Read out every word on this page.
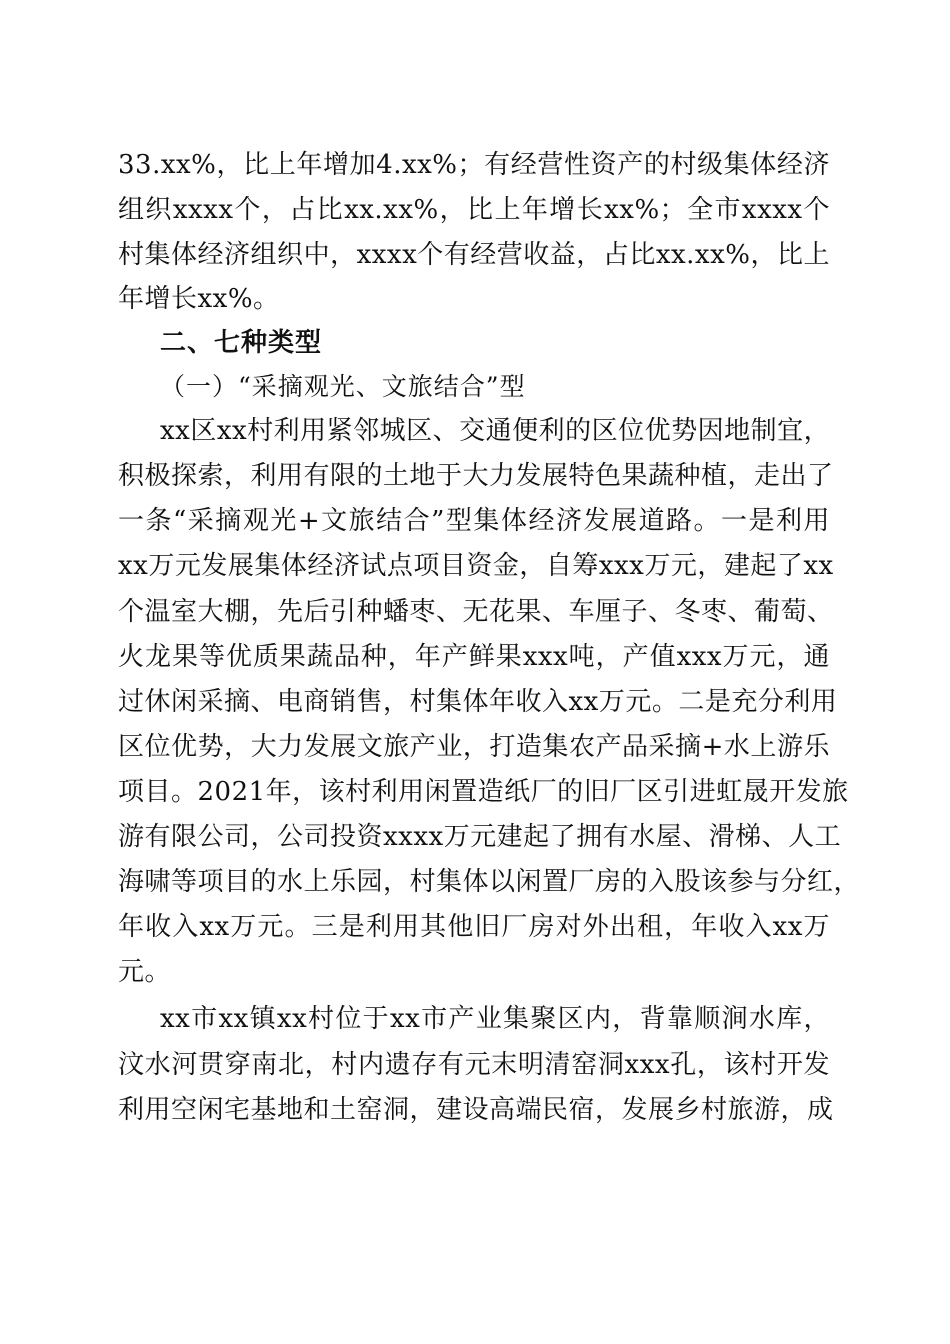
33.xx%，比上年增加4.xx%；有经营性资产的村级集体经济
组织xxxx个，占比xx.xx%，比上年增长xx%；全市xxxx个
村集体经济组织中，xxxx个有经营收益，占比xx.xx%，比上
年增长xx%。
二、七种类型
（一）“采摘观光、文旅结合”型
xx区xx村利用紧邻城区、交通便利的区位优势因地制宜，
积极探索，利用有限的土地于大力发展特色果蔬种植，走出了
一条“采摘观光+文旅结合”型集体经济发展道路。一是利用
xx万元发展集体经济试点项目资金，自筹xxx万元，建起了xx
个温室大棚，先后引种蟠枣、无花果、车厘子、冬枣、葡萄、
火龙果等优质果蔬品种，年产鲜果xxx吨，产值xxx万元，通
过休闲采摘、电商销售，村集体年收入xx万元。二是充分利用
区位优势，大力发展文旅产业，打造集农产品采摘+水上游乐
项目。2021年，该村利用闲置造纸厂的旧厂区引进虹晟开发旅
游有限公司，公司投资xxxx万元建起了拥有水屋、滑梯、人工
海啸等项目的水上乐园，村集体以闲置厂房的入股该参与分红，
年收入xx万元。三是利用其他旧厂房对外出租，年收入xx万
元。
xx市xx镇xx村位于xx市产业集聚区内，背靠顺涧水库，
汶水河贯穿南北，村内遗存有元末明清窑洞xxx孔，该村开发
利用空闲宅基地和土窑洞，建设高端民宿，发展乡村旅游，成
